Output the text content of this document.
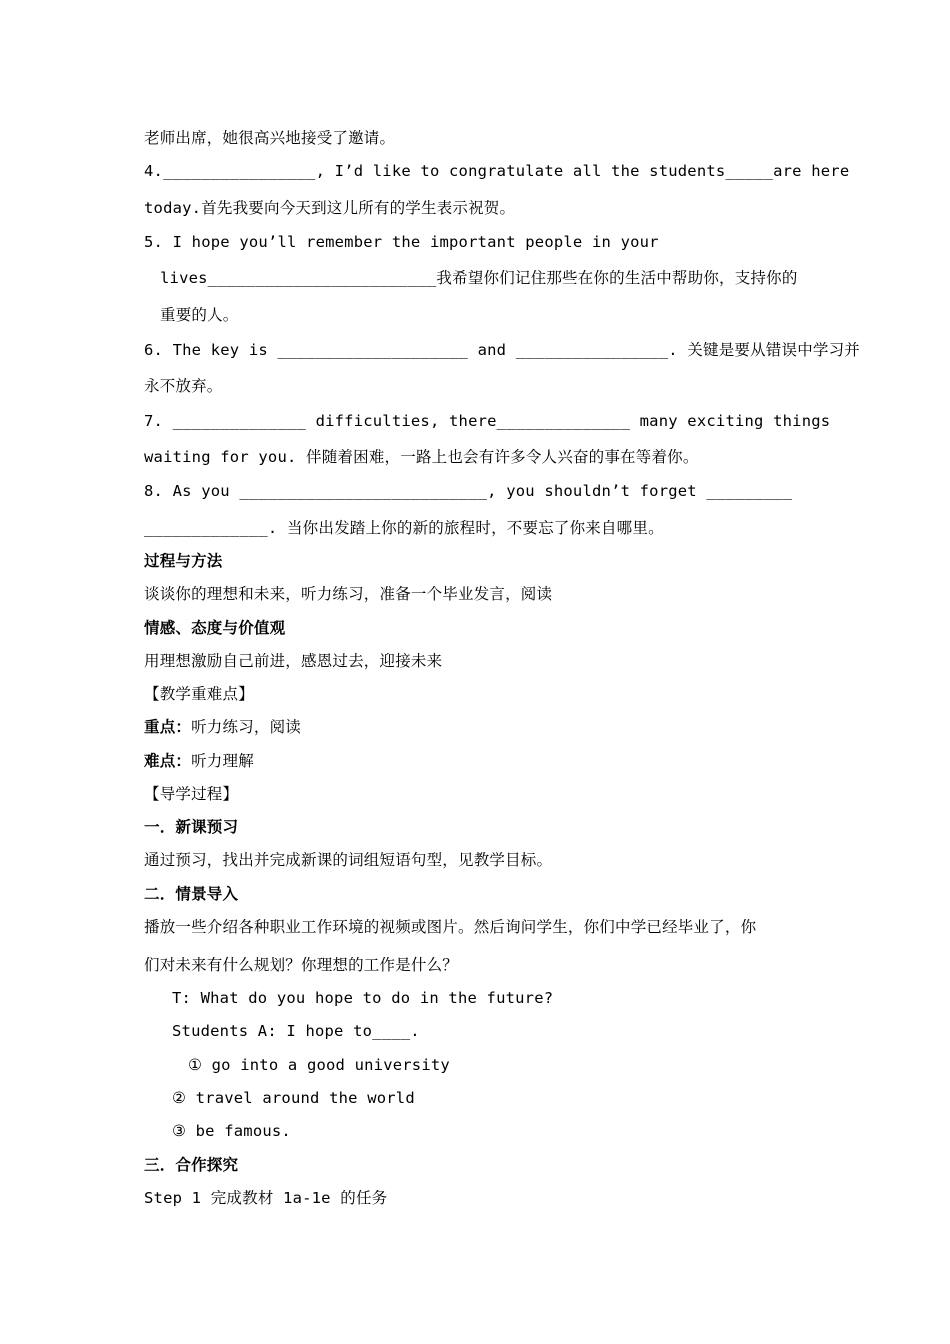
老师出席，她很高兴地接受了邀请。
4.________________, I’d like to congratulate all the students_____are here
today.首先我要向今天到这儿所有的学生表示祝贺。
5. I hope you’ll remember the important people in your
lives________________________我希望你们记住那些在你的生活中帮助你，支持你的
重要的人。
6. The key is ____________________ and ________________. 关键是要从错误中学习并
永不放弃。
7. ______________ difficulties, there______________ many exciting things
waiting for you. 伴随着困难，一路上也会有许多令人兴奋的事在等着你。
8. As you __________________________, you shouldn’t forget _________
_____________. 当你出发踏上你的新的旅程时，不要忘了你来自哪里。
过程与方法
谈谈你的理想和未来，听力练习，准备一个毕业发言，阅读
情感、态度与价值观
用理想激励自己前进，感恩过去，迎接未来
【教学重难点】
重点：听力练习，阅读
难点：听力理解
【导学过程】
一．新课预习
通过预习，找出并完成新课的词组短语句型，见教学目标。
二．情景导入
播放一些介绍各种职业工作环境的视频或图片。然后询问学生，你们中学已经毕业了，你
们对未来有什么规划？你理想的工作是什么？
T: What do you hope to do in the future?
Students A: I hope to____.
① go into a good university
② travel around the world
③ be famous.
三．合作探究
Step 1 完成教材 1a-1e 的任务
